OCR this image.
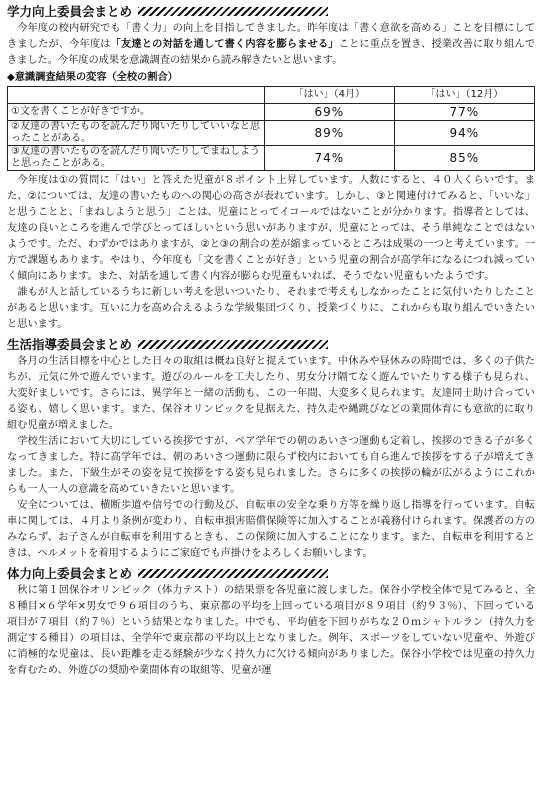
学力向上委員会まとめ

今年度の校内研究でも「書く力」の向上を目指してきました。昨年度は「書く意欲を高める」ことを目標にしてきましたが、今年度は「友達との対話を通して書く内容を膨らませる」ことに重点を置き、授業改善に取り組んできました。今年度の成果を意識調査の結果から読み解きたいと思います。

◆意識調査結果の変容（全校の割合）
	「はい」（4月）	「はい」（12月）
①文を書くことが好きですか。	69%	77%
②友達の書いたものを読んだり聞いたりしていいなと思ったことがある。	89%	94%
③友達の書いたものを読んだり聞いたりしてまねしようと思ったことがある。	74%	85%

今年度は①の質問に「はい」と答えた児童が８ポイント上昇しています。人数にすると、４０人くらいです。また、②については、友達の書いたものへの関心の高さが表れています。しかし、③と関連付けてみると、「いいな」と思うことと、「まねしようと思う」ことは、児童にとってイコールではないことが分かります。指導者としては、友達の良いところを進んで学びとってほしいという思いがありますが、児童にとっては、そう単純なことではないようです。ただ、わずかではありますが、②と③の割合の差が縮まっているところは成果の一つと考えています。一方で課題もあります。やはり、今年度も「文を書くことが好き」という児童の割合が高学年になるにつれ減っていく傾向にあります。また、対話を通して書く内容が膨らむ児童もいれば、そうでない児童もいたようです。

誰もが人と話しているうちに新しい考えを思いついたり、それまで考えもしなかったことに気付いたりしたことがあると思います。互いに力を高め合えるような学級集団づくり、授業づくりに、これからも取り組んでいきたいと思います。

生活指導委員会まとめ

各月の生活目標を中心とした日々の取組は概ね良好と捉えています。中休みや昼休みの時間では、多くの子供たちが、元気に外で遊んでいます。遊びのルールを工夫したり、男女分け隔てなく遊んでいたりする様子も見られ、大変好ましいです。さらには、異学年と一緒の活動も、この一年間、大変多く見られます。友達同士助け合っている姿も、嬉しく思います。また、保谷オリンピックを見据えた、持久走や縄跳びなどの業間体育にも意欲的に取り組む児童が増えました。

学校生活において大切にしている挨拶ですが、ペア学年での朝のあいさつ運動も定着し、挨拶のできる子が多くなってきました。特に高学年では、朝のあいさつ運動に限らず校内においても自ら進んで挨拶をする子が増えてきました。また、下級生がその姿を見て挨拶をする姿も見られました。さらに多くの挨拶の輪が広がるようにこれからも一人一人の意識を高めていきたいと思います。

安全については、横断歩道や信号での行動及び、自転車の安全な乗り方等を繰り返し指導を行っています。自転車に関しては、４月より条例が変わり、自転車損害賠償保険等に加入することが義務付けられます。保護者の方のみならず、お子さんが自転車を利用するときも、この保険に加入することになります。また、自転車を利用するときは、ヘルメットを着用するようにご家庭でも声掛けをよろしくお願いします。

体力向上委員会まとめ

秋に第１回保谷オリンピック（体力テスト）の結果票を各児童に渡しました。保谷小学校全体で見てみると、全８種目×６学年×男女で９６項目のうち、東京都の平均を上回っている項目が８９項目（約９３％）、下回っている項目が７項目（約７％）という結果となりました。中でも、平均値を下回りがちな２０ｍシャトルラン（持久力を測定する種目）の項目は、全学年で東京都の平均以上となりました。例年、スポーツをしていない児童や、外遊びに消極的な児童は、長い距離を走る経験が少なく持久力に欠ける傾向がありました。保谷小学校では児童の持久力を育むため、外遊びの奨励や業間体育の取組等、児童が運
